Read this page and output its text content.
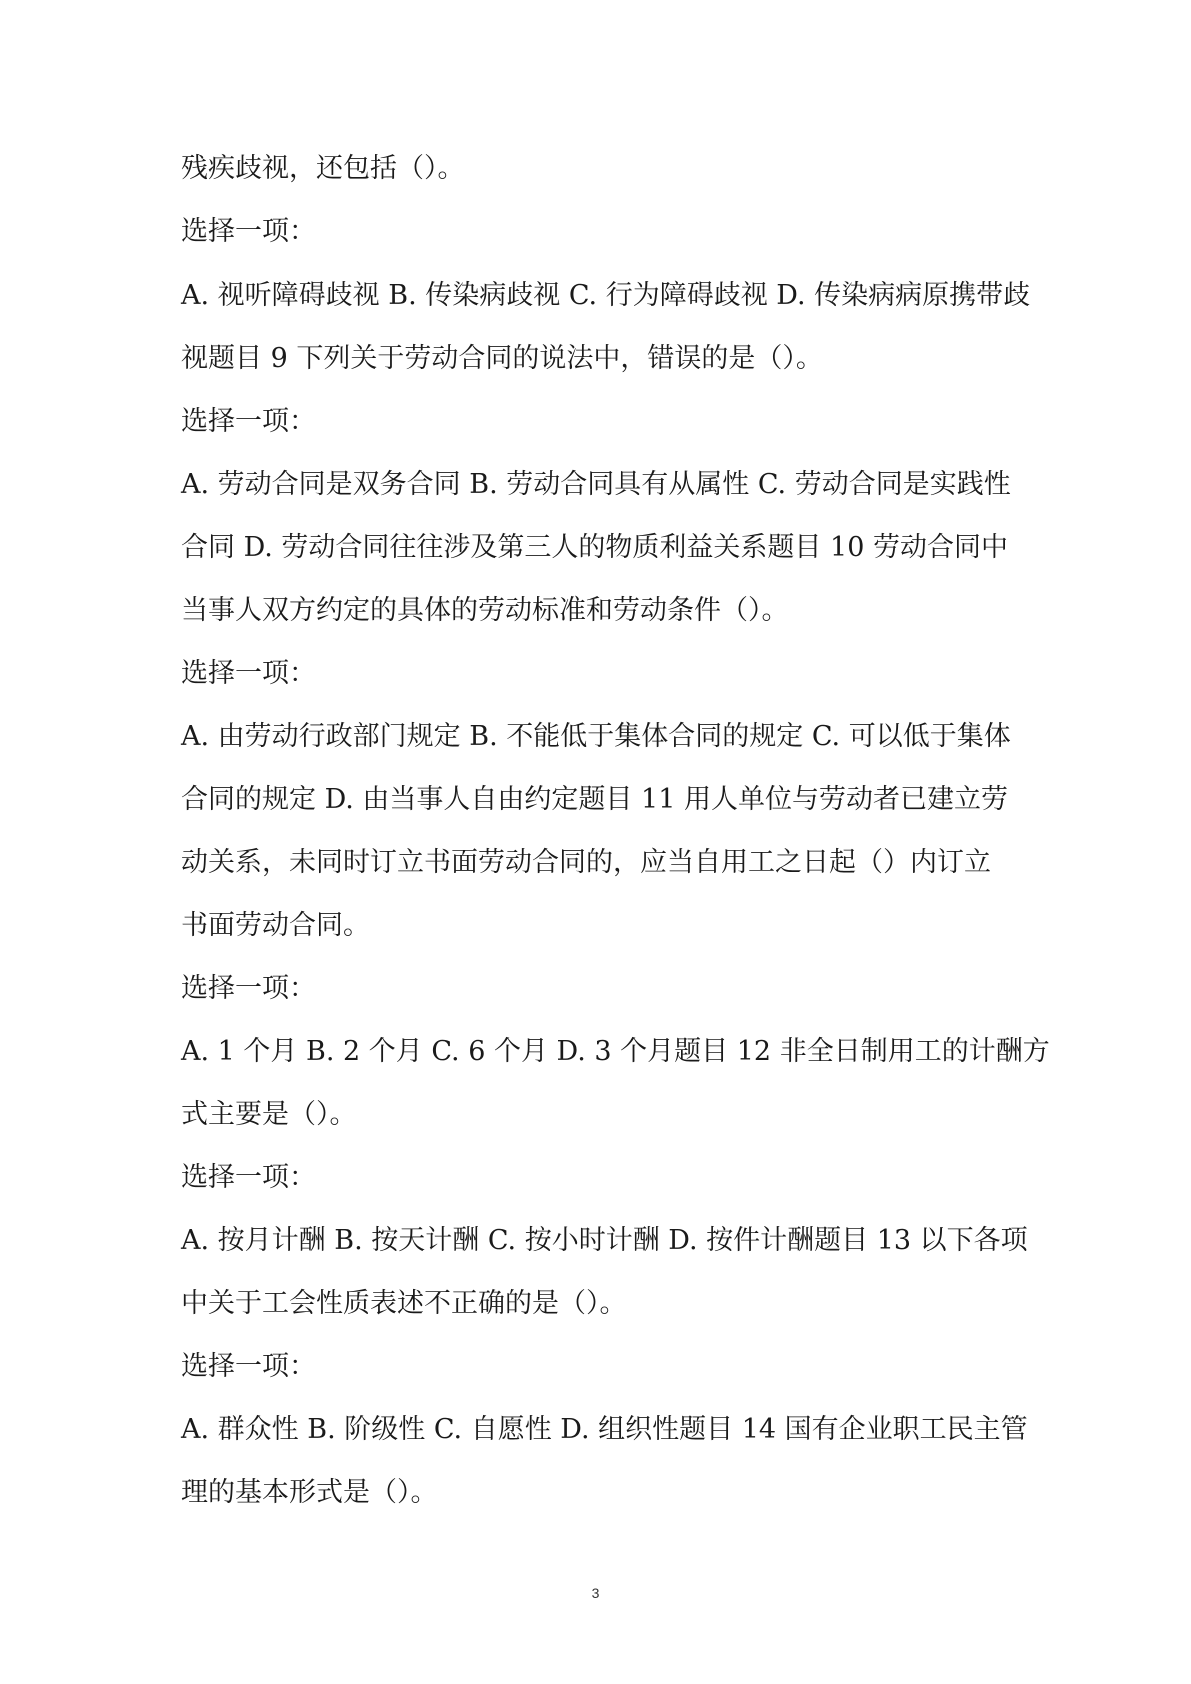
残疾歧视，还包括（）。

选择一项：

A. 视听障碍歧视 B. 传染病歧视 C. 行为障碍歧视 D. 传染病病原携带歧

视题目 9 下列关于劳动合同的说法中，错误的是（）。

选择一项：

A. 劳动合同是双务合同 B. 劳动合同具有从属性 C. 劳动合同是实践性

合同 D. 劳动合同往往涉及第三人的物质利益关系题目 10 劳动合同中

当事人双方约定的具体的劳动标准和劳动条件（）。

选择一项：

A. 由劳动行政部门规定 B. 不能低于集体合同的规定 C. 可以低于集体

合同的规定 D. 由当事人自由约定题目 11 用人单位与劳动者已建立劳

动关系，未同时订立书面劳动合同的，应当自用工之日起（）内订立

书面劳动合同。

选择一项：

A. 1 个月 B. 2 个月 C. 6 个月 D. 3 个月题目 12 非全日制用工的计酬方

式主要是（）。

选择一项：

A. 按月计酬 B. 按天计酬 C. 按小时计酬 D. 按件计酬题目 13 以下各项

中关于工会性质表述不正确的是（）。

选择一项：

A. 群众性 B. 阶级性 C. 自愿性 D. 组织性题目 14 国有企业职工民主管

理的基本形式是（）。

3
